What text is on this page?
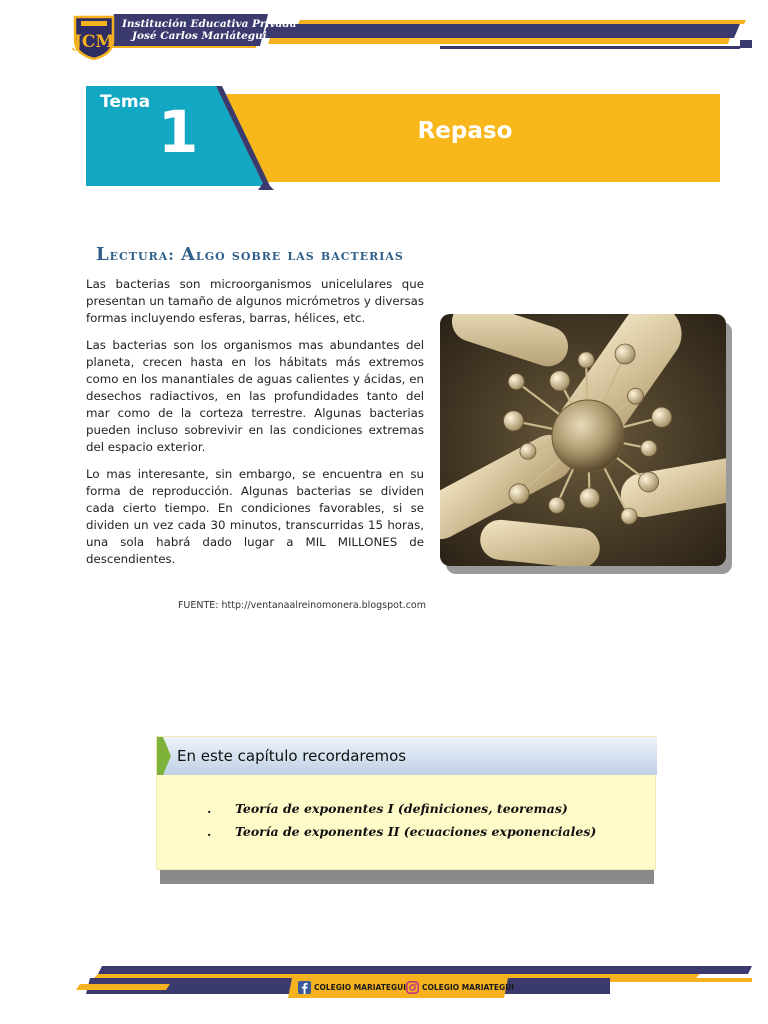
JCM
Institución Educativa Privada
José Carlos Mariátegui
Tema 1	Repaso
Lectura: Algo sobre las bacterias

Las bacterias son microorganismos unicelulares que presentan un tamaño de algunos micrómetros y diversas formas incluyendo esferas, barras, hélices, etc.

Las bacterias son los organismos mas abundantes del planeta, crecen hasta en los hábitats más extremos como en los manantiales de aguas calientes y ácidas, en desechos radiactivos, en las profundidades tanto del mar como de la corteza terrestre. Algunas bacterias pueden incluso sobrevivir en las condiciones extremas del espacio exterior.

Lo mas interesante, sin embargo, se encuentra en su forma de reproducción. Algunas bacterias se dividen cada cierto tiempo. En condiciones favorables, si se dividen un vez cada 30 minutos, transcurridas 15 horas, una sola habrá dado lugar a MIL MILLONES de descendientes.

FUENTE: http://ventanaalreinomonera.blogspot.com
En este capítulo recordaremos
. Teoría de exponentes I (definiciones, teoremas)
. Teoría de exponentes II (ecuaciones exponenciales)
COLEGIO MARIATEGUI COLEGIO MARIATEGUI
